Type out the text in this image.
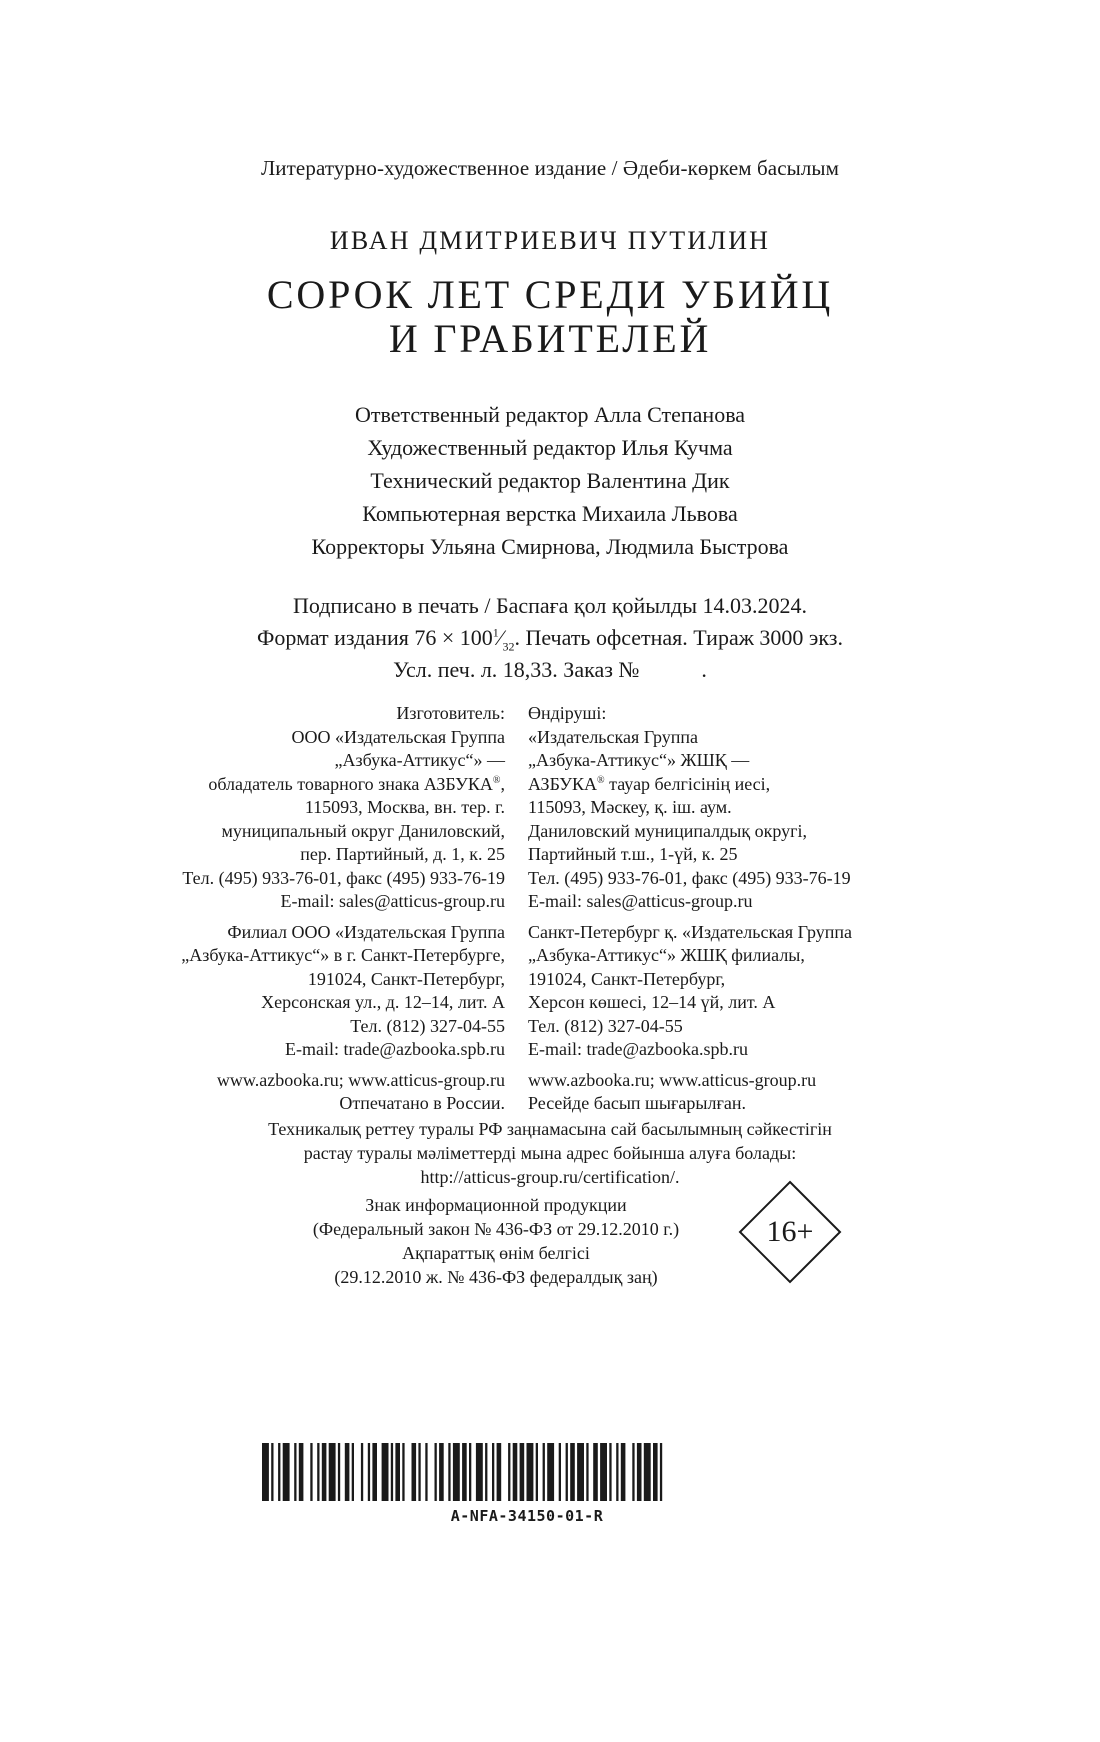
Литературно-художественное издание / Әдеби-көркем басылым
ИВАН ДМИТРИЕВИЧ ПУТИЛИН
СОРОК ЛЕТ СРЕДИ УБИЙЦ
И ГРАБИТЕЛЕЙ
Ответственный редактор Алла Степанова
Художественный редактор Илья Кучма
Технический редактор Валентина Дик
Компьютерная верстка Михаила Львова
Корректоры Ульяна Смирнова, Людмила Быстрова
Подписано в печать / Баспаға қол қойылды 14.03.2024.
Формат издания $76 \times 100^1⁄_{32}$. Печать офсетная. Тираж 3000 экз.
Усл. печ. л. 18,33. Заказ №	.
Изготовитель:
ООО «Издательская Группа
„Азбука-Аттикус“» —
обладатель товарного знака АЗБУКА®,
115093, Москва, вн. тер. г.
муниципальный округ Даниловский,
пер. Партийный, д. 1, к. 25
Тел. (495) 933-76-01, факс (495) 933-76-19
E-mail: sales@atticus-group.ru
Филиал ООО «Издательская Группа
„Азбука-Аттикус“» в г. Санкт-Петербурге,
191024, Санкт-Петербург,
Херсонская ул., д. 12–14, лит. А
Тел. (812) 327-04-55
E-mail: trade@azbooka.spb.ru
www.azbooka.ru; www.atticus-group.ru
Отпечатано в России.
Өндіруші:
«Издательская Группа
„Азбука-Аттикус“» ЖШҚ —
АЗБУКА® тауар белгісінің иесі,
115093, Мәскеу, қ. іш. аум.
Даниловский муниципалдық округі,
Партийный т.ш., 1-үй, к. 25
Тел. (495) 933-76-01, факс (495) 933-76-19
E-mail: sales@atticus-group.ru
Санкт-Петербург қ. «Издательская Группа
„Азбука-Аттикус“» ЖШҚ филиалы,
191024, Санкт-Петербург,
Херсон көшесі, 12–14 үй, лит. А
Тел. (812) 327-04-55
E-mail: trade@azbooka.spb.ru
www.azbooka.ru; www.atticus-group.ru
Ресейде басып шығарылған.
Техникалық реттеу туралы РФ заңнамасына сай басылымның сәйкестігін
растау туралы мәліметтерді мына адрес бойынша алуға болады:
http://atticus-group.ru/certification/.
Знак информационной продукции
(Федеральный закон № 436-ФЗ от 29.12.2010 г.)
Ақпараттық өнім белгісі
(29.12.2010 ж. № 436-ФЗ федералдық заң)
16+
A-NFA-34150-01-R
